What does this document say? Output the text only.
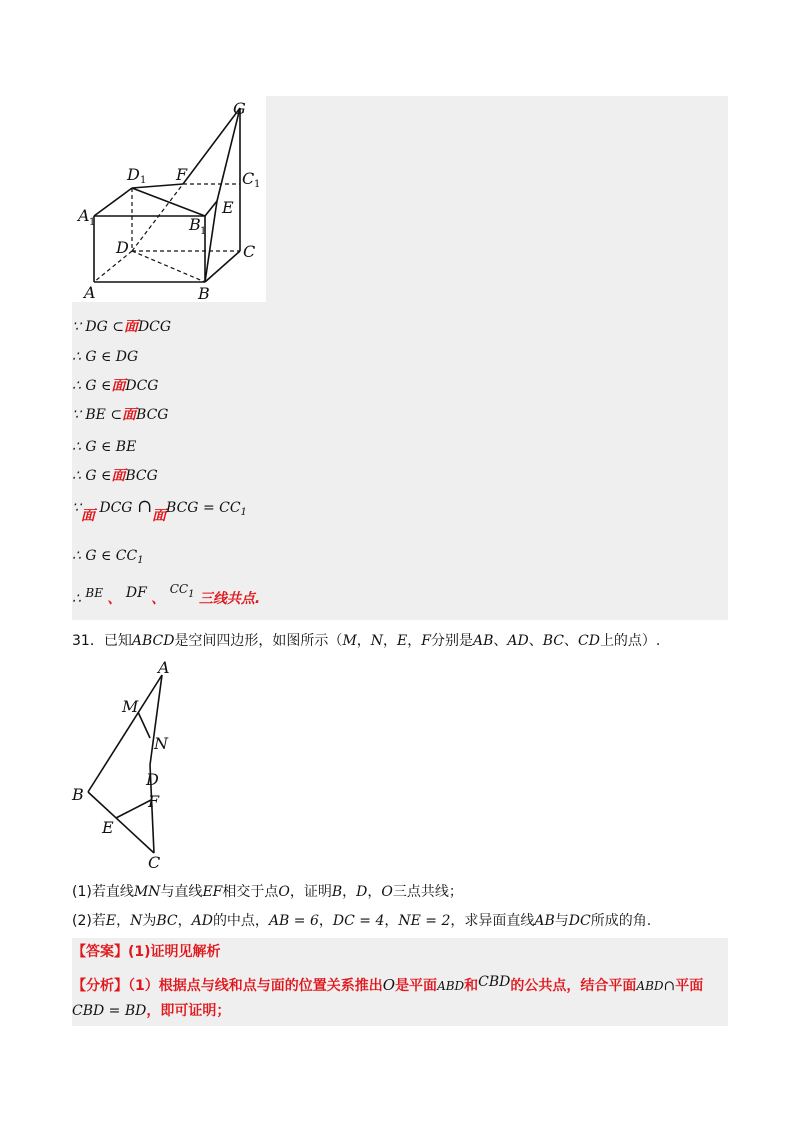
A
A 1
B
B 1
C
C 1
D
D 1
E
F
G
∵ DG ⊂面DCG
∴ G ∈ DG
∴ G ∈面DCG
∵ BE ⊂面BCG
∴ G ∈ BE
∴ G ∈面BCG
∵面 DCG ∩面BCG = $CC_1$
∴ G ∈ $CC_1$
∴ BE 、 DF 、 $CC^1$ 三线共点.
31．已知ABCD是空间四边形，如图所示（M，N，E，F分别是AB、AD、BC、CD上的点）.
A
M
N
D
B	F
E
C
(1)若直线MN与直线EF相交于点O，证明B，D，O三点共线；
(2)若E，N为BC，AD的中点，AB = 6，DC = 4，NE = 2，求异面直线AB与DC所成的角.
【答案】(1)证明见解析
【分析】（1）根据点与线和点与面的位置关系推出O是平面ABD和CBD的公共点，结合平面ABD∩平面
CBD = BD，即可证明；
